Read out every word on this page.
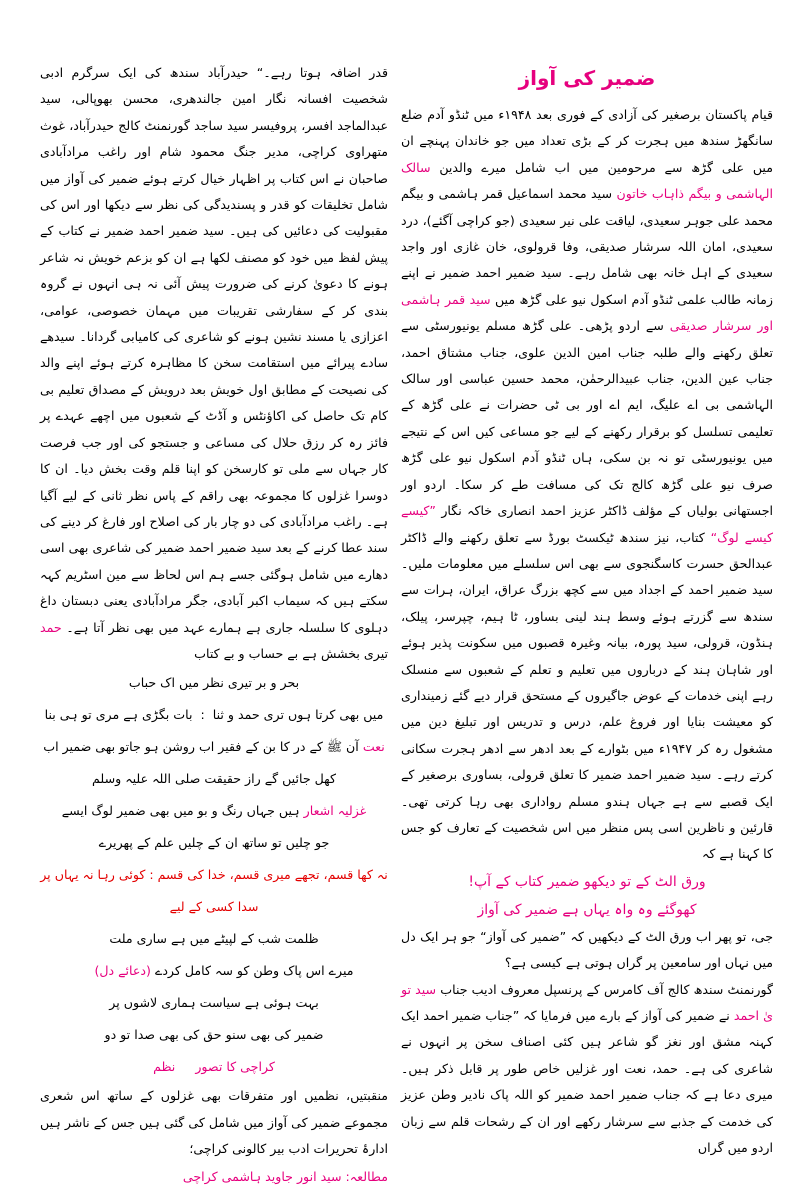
ضمیر کی آواز

قیام پاکستان برصغیر کی آزادی کے فوری بعد ۱۹۴۸ء میں ٹنڈو آدم ضلع سانگھڑ سندھ میں ہجرت کر کے بڑی تعداد میں جو خاندان پہنچے ان میں علی گڑھ سے مرحومین میں اب شامل میرے والدین سالک الہاشمی و بیگم ذاہاب خاتون سید محمد اسماعیل قمر ہاشمی و بیگم محمد علی جوہر سعیدی، لیاقت علی نیر سعیدی (جو کراچی آگئے)، درد سعیدی، امان اللہ سرشار صدیقی، وفا قرولوی، خان غازی اور واجد سعیدی کے اہل خانہ بھی شامل رہے۔ سید ضمیر احمد ضمیر نے اپنے زمانہ طالب علمی ٹنڈو آدم اسکول نیو علی گڑھ میں سید قمر ہاشمی اور سرشار صدیقی سے اردو پڑھی۔ علی گڑھ مسلم یونیورسٹی سے تعلق رکھنے والے طلبہ جناب امین الدین علوی، جناب مشتاق احمد، جناب عین الدین، جناب عبیدالرحمٰن، محمد حسین عباسی اور سالک الہاشمی بی اے علیگ، ایم اے اور بی ٹی حضرات نے علی گڑھ کے تعلیمی تسلسل کو برقرار رکھنے کے لیے جو مساعی کیں اس کے نتیجے میں یونیورسٹی تو نہ بن سکی، ہاں ٹنڈو آدم اسکول نیو علی گڑھ صرف نیو علی گڑھ کالج تک کی مسافت طے کر سکا۔ اردو اور اجستھانی بولیاں کے مؤلف ڈاکٹر عزیز احمد انصاری خاکہ نگار ”کیسے کیسے لوگ“ کتاب، نیز سندھ ٹیکسٹ بورڈ سے تعلق رکھنے والے ڈاکٹر عبدالحق حسرت کاسگنجوی سے بھی اس سلسلے میں معلومات ملیں۔ سید ضمیر احمد کے اجداد میں سے کچھ بزرگ عراق، ایران، ہرات سے سندھ سے گزرتے ہوئے وسط ہند لینی بساور، ٹا ہیم، چپرسر، پیلک، ہنڈون، قرولی، سید پورہ، بیانہ وغیرہ قصبوں میں سکونت پذیر ہوئے اور شاہان ہند کے درباروں میں تعلیم و تعلم کے شعبوں سے منسلک رہے اپنی خدمات کے عوض جاگیروں کے مستحق قرار دیے گئے زمینداری کو معیشت بنایا اور فروغ علم، درس و تدریس اور تبلیغ دین میں مشغول رہ کر ۱۹۴۷ء میں بٹوارے کے بعد ادھر سے ادھر ہجرت سکانی کرتے رہے۔ سید ضمیر احمد ضمیر کا تعلق قرولی، بساوری برصغیر کے ایک قصبے سے ہے جہاں ہندو مسلم رواداری بھی رہا کرتی تھی۔ قارئین و ناظرین اسی پس منظر میں اس شخصیت کے تعارف کو جس کا کہنا ہے کہ

ورق الٹ کے تو دیکھو ضمیر کتاب کے آپ!
کھوگئے وہ واہ یہاں ہے ضمیر کی آواز

جی، تو پھر اب ورق الٹ کے دیکھیں کہ ”ضمیر کی آواز“ جو ہر ایک دل میں نہاں اور سامعین پر گراں ہوتی ہے کیسی ہے؟

گورنمنٹ سندھ کالج آف کامرس کے پرنسپل معروف ادیب جناب سید تو یٰ احمد نے ضمیر کی آواز کے بارے میں فرمایا کہ ”جناب ضمیر احمد ایک کہنہ مشق اور نغز گو شاعر ہیں کئی اصناف سخن پر انہوں نے شاعری کی ہے۔ حمد، نعت اور غزلیں خاص طور پر قابل ذکر ہیں۔ میری دعا ہے کہ جناب ضمیر احمد ضمیر کو اللہ پاک نادیر وطن عزیز کی خدمت کے جذبے سے سرشار رکھے اور ان کے رشحات قلم سے زبان اردو میں گراں

قدر اضافہ ہوتا رہے۔“ حیدرآباد سندھ کی ایک سرگرم ادبی شخصیت افسانہ نگار امین جالندھری، محسن بھوپالی، سید عبدالماجد افسر، پروفیسر سید ساجد گورنمنٹ کالج حیدرآباد، غوث متھراوی کراچی، مدیر جنگ محمود شام اور راغب مرادآبادی صاحبان نے اس کتاب پر اظہار خیال کرتے ہوئے ضمیر کی آواز میں شامل تخلیقات کو قدر و پسندیدگی کی نظر سے دیکھا اور اس کی مقبولیت کی دعائیں کی ہیں۔ سید ضمیر احمد ضمیر نے کتاب کے پیش لفظ میں خود کو مصنف لکھا ہے ان کو بزعم خویش نہ شاعر ہونے کا دعویٰ کرنے کی ضرورت پیش آئی نہ ہی انہوں نے گروہ بندی کر کے سفارشی تقریبات میں مہمان خصوصی، عوامی، اعزازی یا مسند نشین ہونے کو شاعری کی کامیابی گردانا۔ سیدھے سادے پیرائے میں استقامت سخن کا مظاہرہ کرتے ہوئے اپنے والد کی نصیحت کے مطابق اول خویش بعد درویش کے مصداق تعلیم بی کام تک حاصل کی اکاؤنٹس و آڈٹ کے شعبوں میں اچھے عہدے پر فائز رہ کر رزق حلال کی مساعی و جستجو کی اور جب فرصت کار جہاں سے ملی تو کارسخن کو اپنا قلم وقت بخش دیا۔ ان کا دوسرا غزلوں کا مجموعہ بھی راقم کے پاس نظر ثانی کے لیے آگیا ہے۔ راغب مرادآبادی کی دو چار بار کی اصلاح اور فارغ کر دینے کی سند عطا کرنے کے بعد سید ضمیر احمد ضمیر کی شاعری بھی اسی دھارے میں شامل ہوگئی جسے ہم اس لحاظ سے مین اسٹریم کہہ سکتے ہیں کہ سیماب اکبر آبادی، جگر مرادآبادی یعنی دبستان داغ دہلوی کا سلسلہ جاری ہے ہمارے عہد میں بھی نظر آتا ہے۔ حمد تیری بخشش ہے بے حساب و بے کتاب

بحر و بر تیری نظر میں اک حباب
میں بھی کرتا ہوں تری حمد و ثنا  :  بات بگڑی ہے مری تو ہی بنا
نعت آن ﷺ کے در کا بن کے فقیر اب روشن ہو جاتو بھی ضمیر اب
کھل جائیں گے راز حقیقت صلی اللہ علیہ وسلم
غزلیہ اشعار ہیں جہاں رنگ و بو میں بھی ضمیر لوگ ایسے
جو چلیں تو ساتھ ان کے چلیں علم کے پھریرے
نہ کھا قسم، تجھے میری قسم، خدا کی قسم : کوئی رہا نہ یہاں پر سدا کسی کے لیے
ظلمت شب کے لپیٹے میں ہے ساری ملت
میرے اس پاک وطن کو سہ کامل کردے (دعائے دل)
بہت ہوئی ہے سیاست ہماری لاشوں پر
ضمیر کی بھی سنو حق کی بھی صدا تو دو
کراچی کا تصور     نظم

منقبتیں، نظمیں اور متفرقات بھی غزلوں کے ساتھ اس شعری مجموعے ضمیر کی آواز میں شامل کی گئی ہیں جس کے ناشر ہیں ادارۂ تحریرات ادب بیر کالونی کراچی؛

مطالعہ: سید انور جاوید ہاشمی کراچی
